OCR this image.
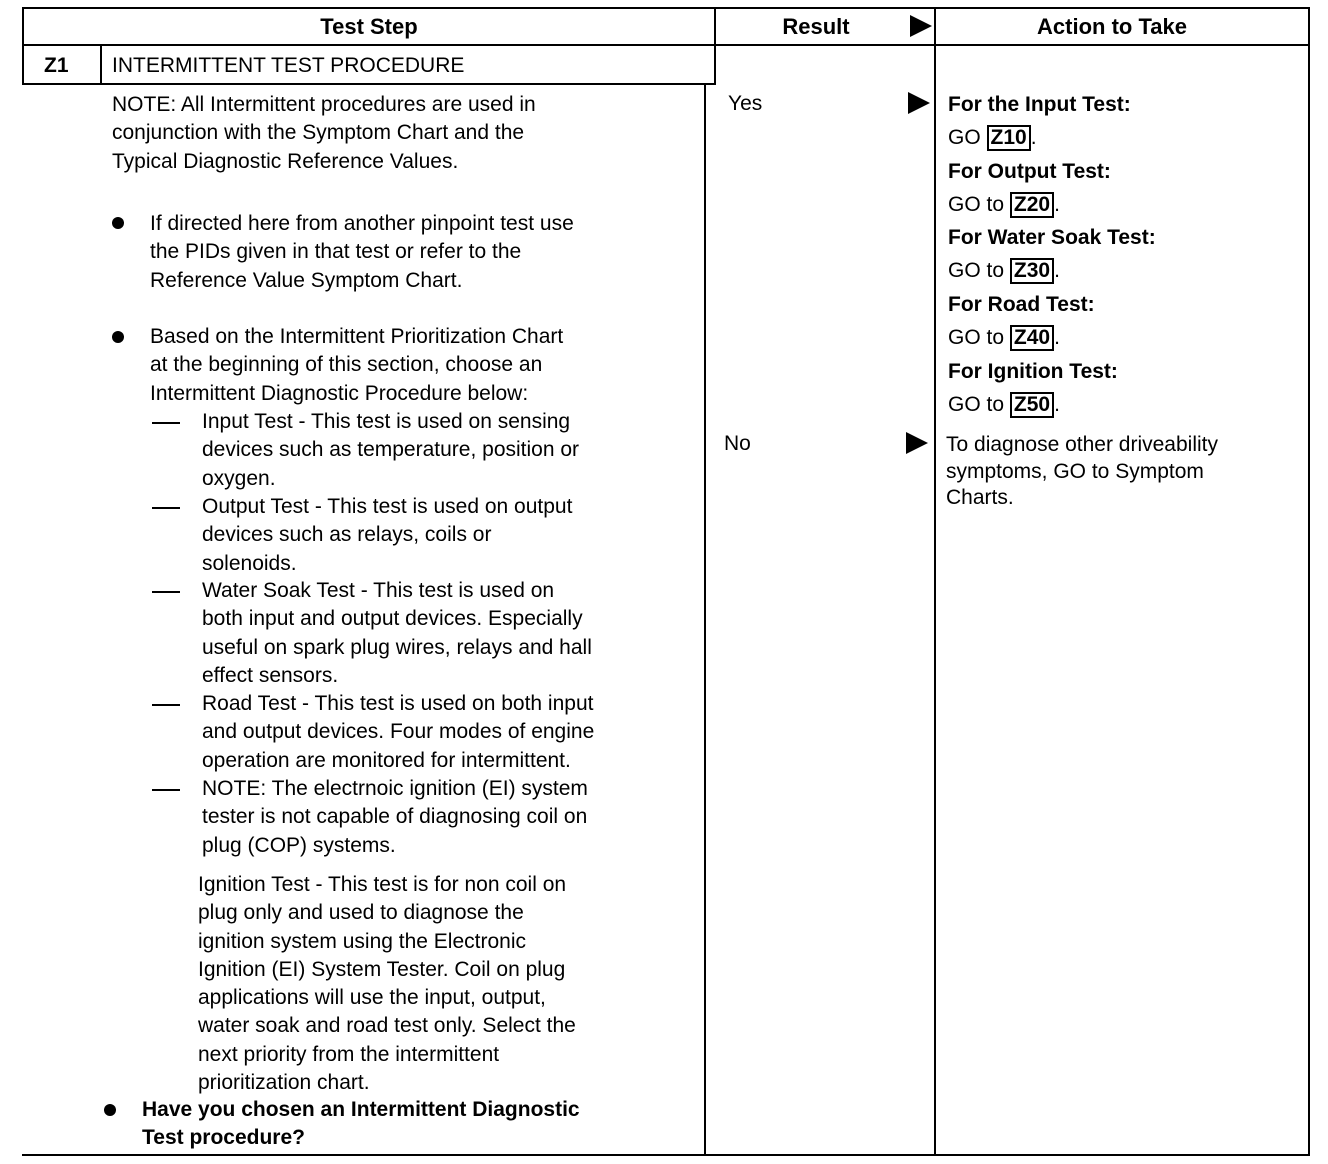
Test Step	Result	Action to Take
Z1 INTERMITTENT TEST PROCEDURE
NOTE: All Intermittent procedures are used in
conjunction with the Symptom Chart and the
Typical Diagnostic Reference Values.
If directed here from another pinpoint test use
the PIDs given in that test or refer to the
Reference Value Symptom Chart.
Based on the Intermittent Prioritization Chart
at the beginning of this section, choose an
Intermittent Diagnostic Procedure below:
Input Test - This test is used on sensing
devices such as temperature, position or
oxygen.
Output Test - This test is used on output
devices such as relays, coils or
solenoids.
Water Soak Test - This test is used on
both input and output devices. Especially
useful on spark plug wires, relays and hall
effect sensors.
Road Test - This test is used on both input
and output devices. Four modes of engine
operation are monitored for intermittent.
NOTE: The electrnoic ignition (EI) system
tester is not capable of diagnosing coil on
plug (COP) systems.
Ignition Test - This test is for non coil on
plug only and used to diagnose the
ignition system using the Electronic
Ignition (EI) System Tester. Coil on plug
applications will use the input, output,
water soak and road test only. Select the
next priority from the intermittent
prioritization chart.
Have you chosen an Intermittent Diagnostic
Test procedure?
Yes
No
For the Input Test:
GO Z10 .
For Output Test:
GO to Z20 .
For Water Soak Test:
GO to Z30 .
For Road Test:
GO to Z40 .
For Ignition Test:
GO to Z50 .
To diagnose other driveability
symptoms, GO to Symptom
Charts.
